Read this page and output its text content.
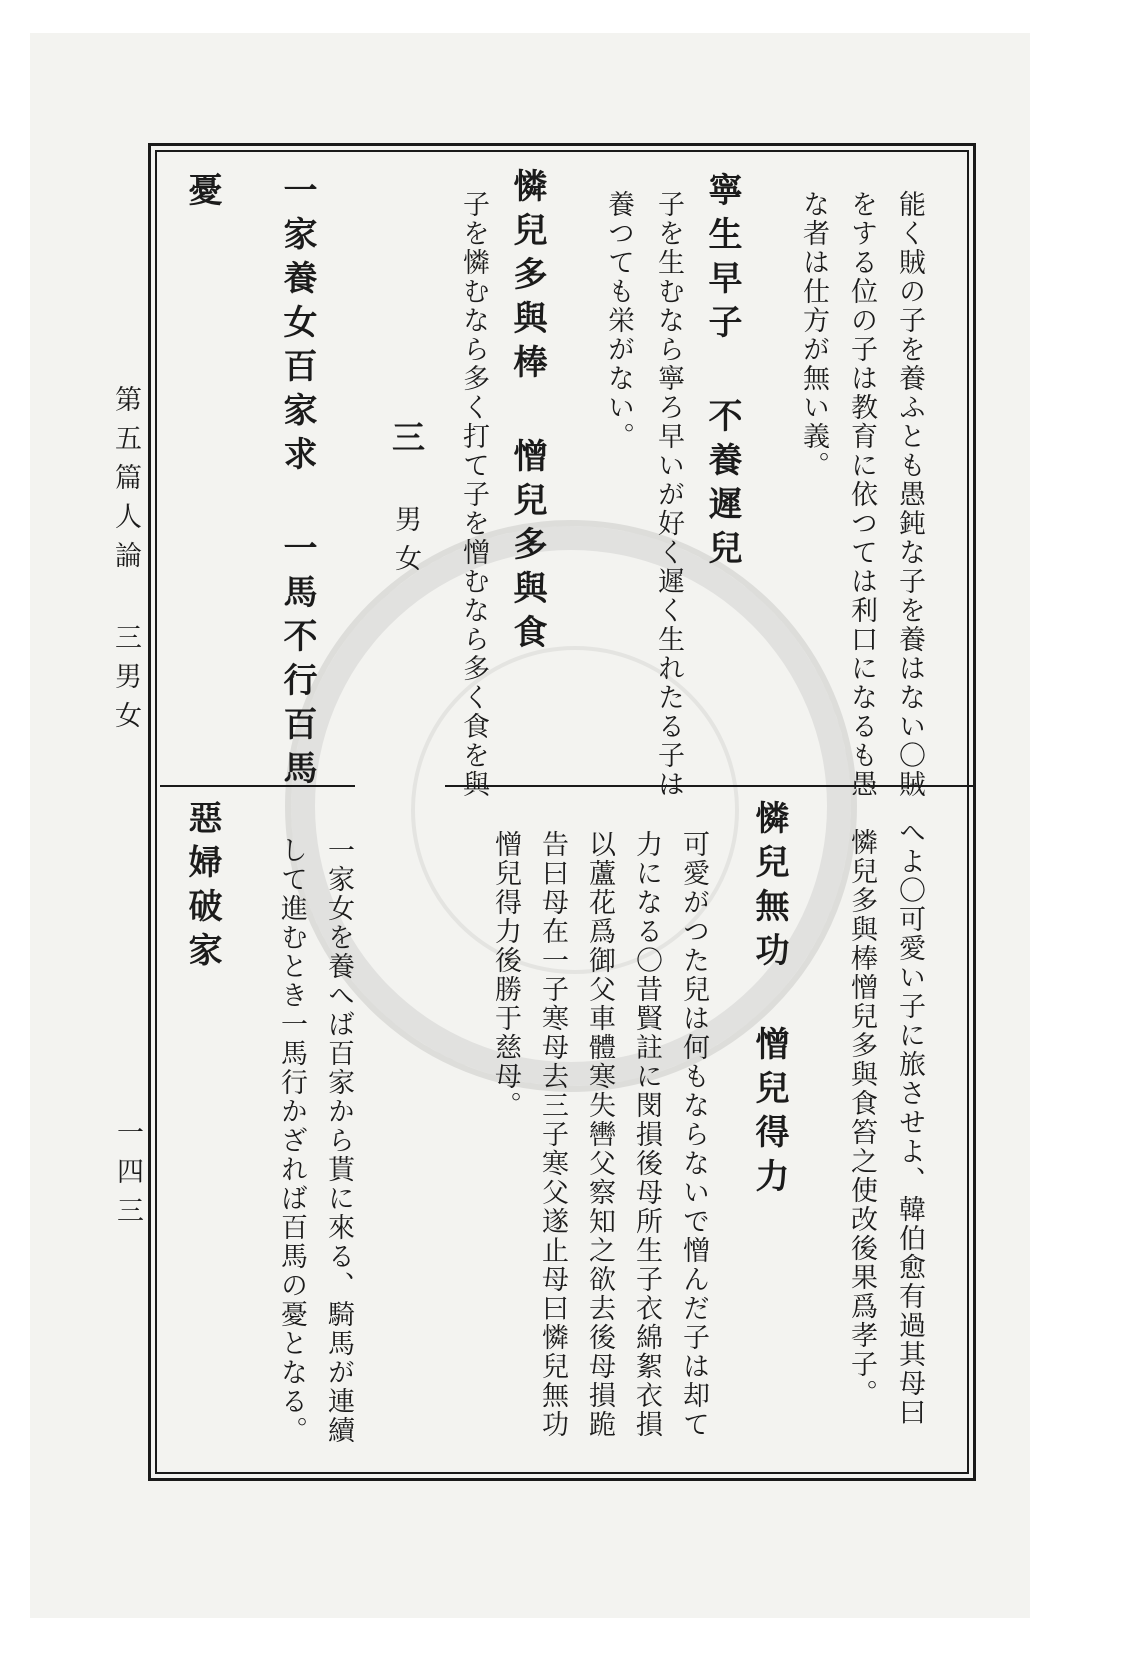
第五篇人論 三男女
一四三
能く賊の子を養ふとも愚鈍な子を養はない〇賊
をする位の子は教育に依つては利口になるも愚
な者は仕方が無い義。
寧生早子 不養遲兒
子を生むなら寧ろ早いが好く遲く生れたる子は
養つても栄がない。
憐兒多與棒 憎兒多與食
子を憐むなら多く打て子を憎むなら多く食を與
三
男女
一家養女百家求 一馬不行百馬
憂
へよ〇可愛い子に旅させよ、韓伯愈有過其母曰
憐兒多與棒憎兒多與食笞之使改後果爲孝子。
憐兒無功 憎兒得力
可愛がつた兒は何もならないで憎んだ子は却て
力になる〇昔賢註に閔損後母所生子衣綿絮衣損
以蘆花爲御父車體寒失轡父察知之欲去後母損跪
告曰母在一子寒母去三子寒父遂止母曰憐兒無功
憎兒得力後勝于慈母。
一家女を養へば百家から貰に來る、騎馬が連續
して進むとき一馬行かざれば百馬の憂となる。
惡婦破家
